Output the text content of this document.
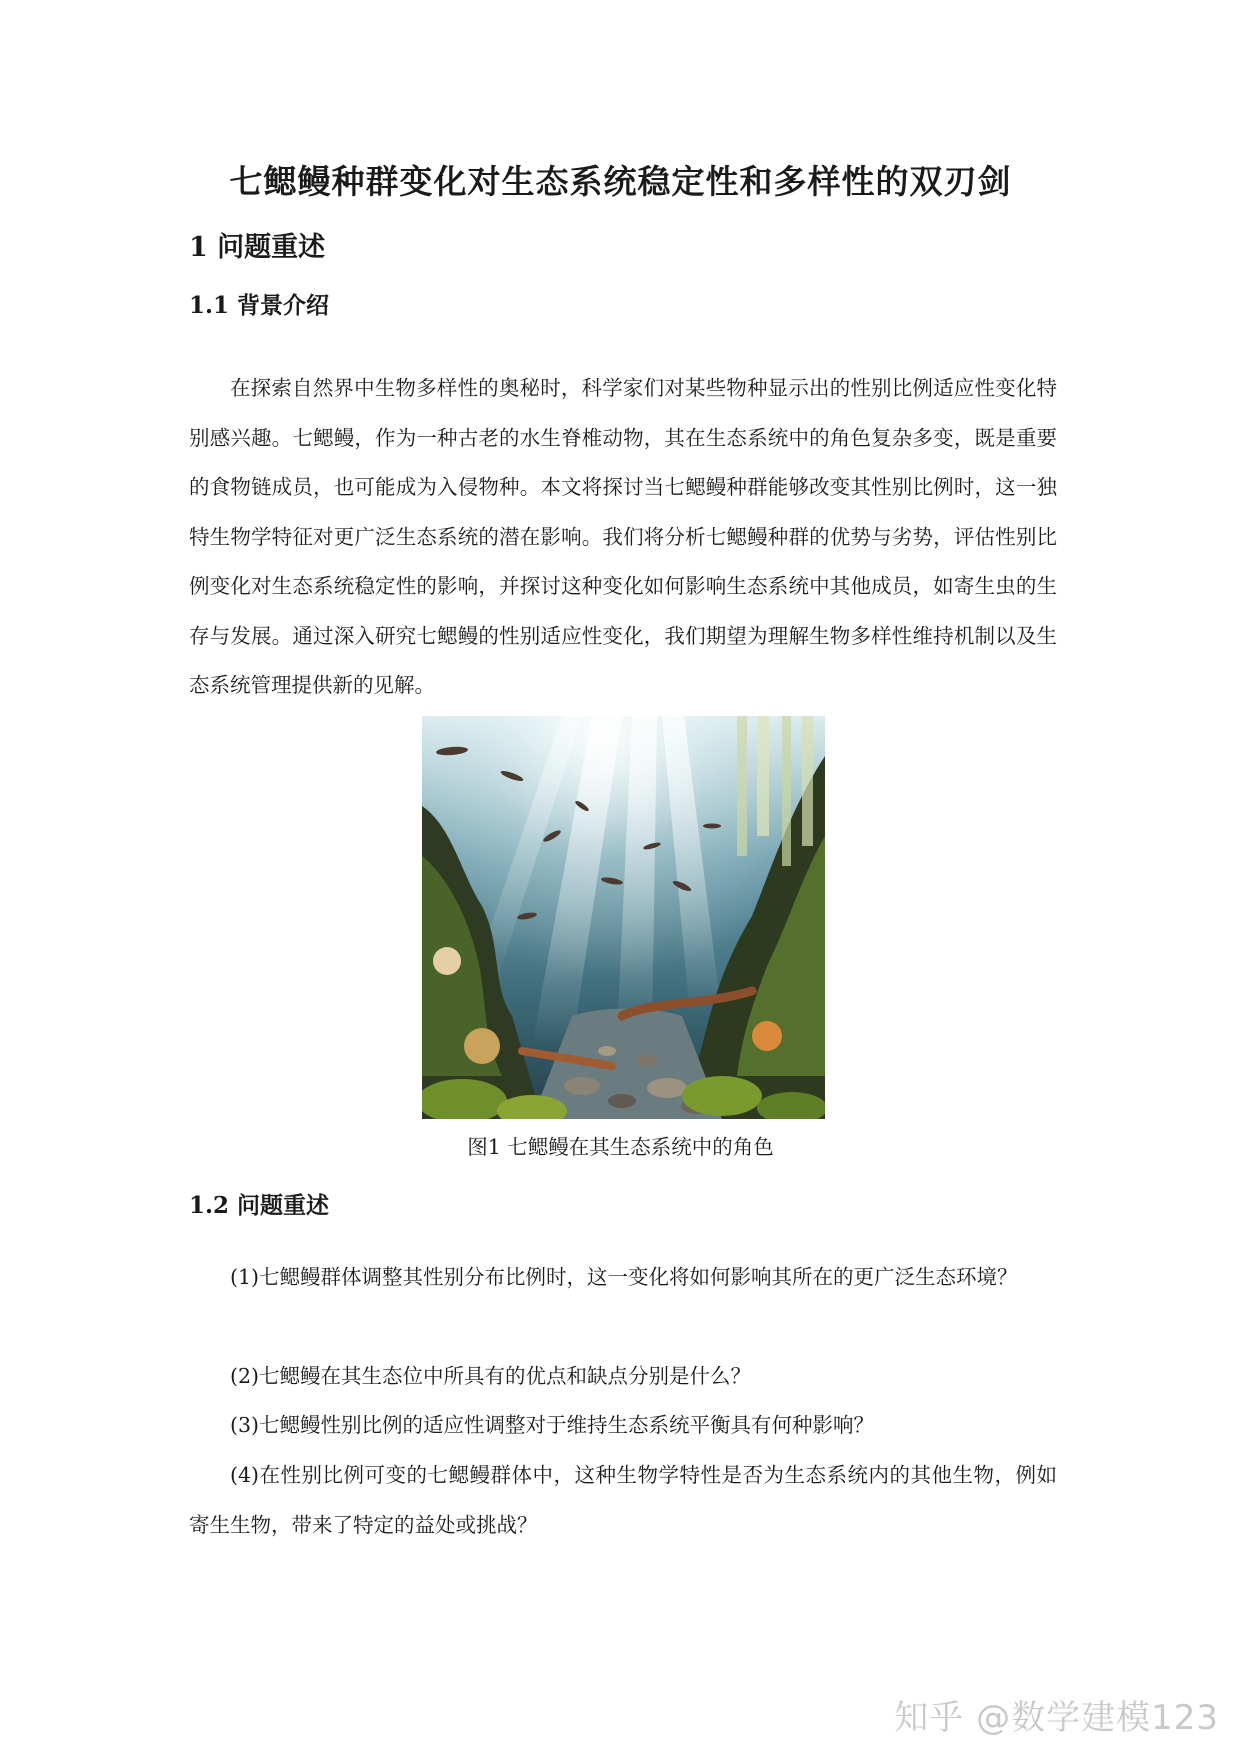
七鳃鳗种群变化对生态系统稳定性和多样性的双刃剑
1 问题重述
1.1 背景介绍

在探索自然界中生物多样性的奥秘时，科学家们对某些物种显示出的性别比例适应性变化特别感兴趣。七鳃鳗，作为一种古老的水生脊椎动物，其在生态系统中的角色复杂多变，既是重要的食物链成员，也可能成为入侵物种。本文将探讨当七鳃鳗种群能够改变其性别比例时，这一独特生物学特征对更广泛生态系统的潜在影响。我们将分析七鳃鳗种群的优势与劣势，评估性别比例变化对生态系统稳定性的影响，并探讨这种变化如何影响生态系统中其他成员，如寄生虫的生存与发展。通过深入研究七鳃鳗的性别适应性变化，我们期望为理解生物多样性维持机制以及生态系统管理提供新的见解。

图1 七鳃鳗在其生态系统中的角色
1.2 问题重述

(1)七鳃鳗群体调整其性别分布比例时，这一变化将如何影响其所在的更广泛生态环境？

(2)七鳃鳗在其生态位中所具有的优点和缺点分别是什么？

(3)七鳃鳗性别比例的适应性调整对于维持生态系统平衡具有何种影响？

(4)在性别比例可变的七鳃鳗群体中，这种生物学特性是否为生态系统内的其他生物，例如寄生生物，带来了特定的益处或挑战？

知乎 @数学建模123
